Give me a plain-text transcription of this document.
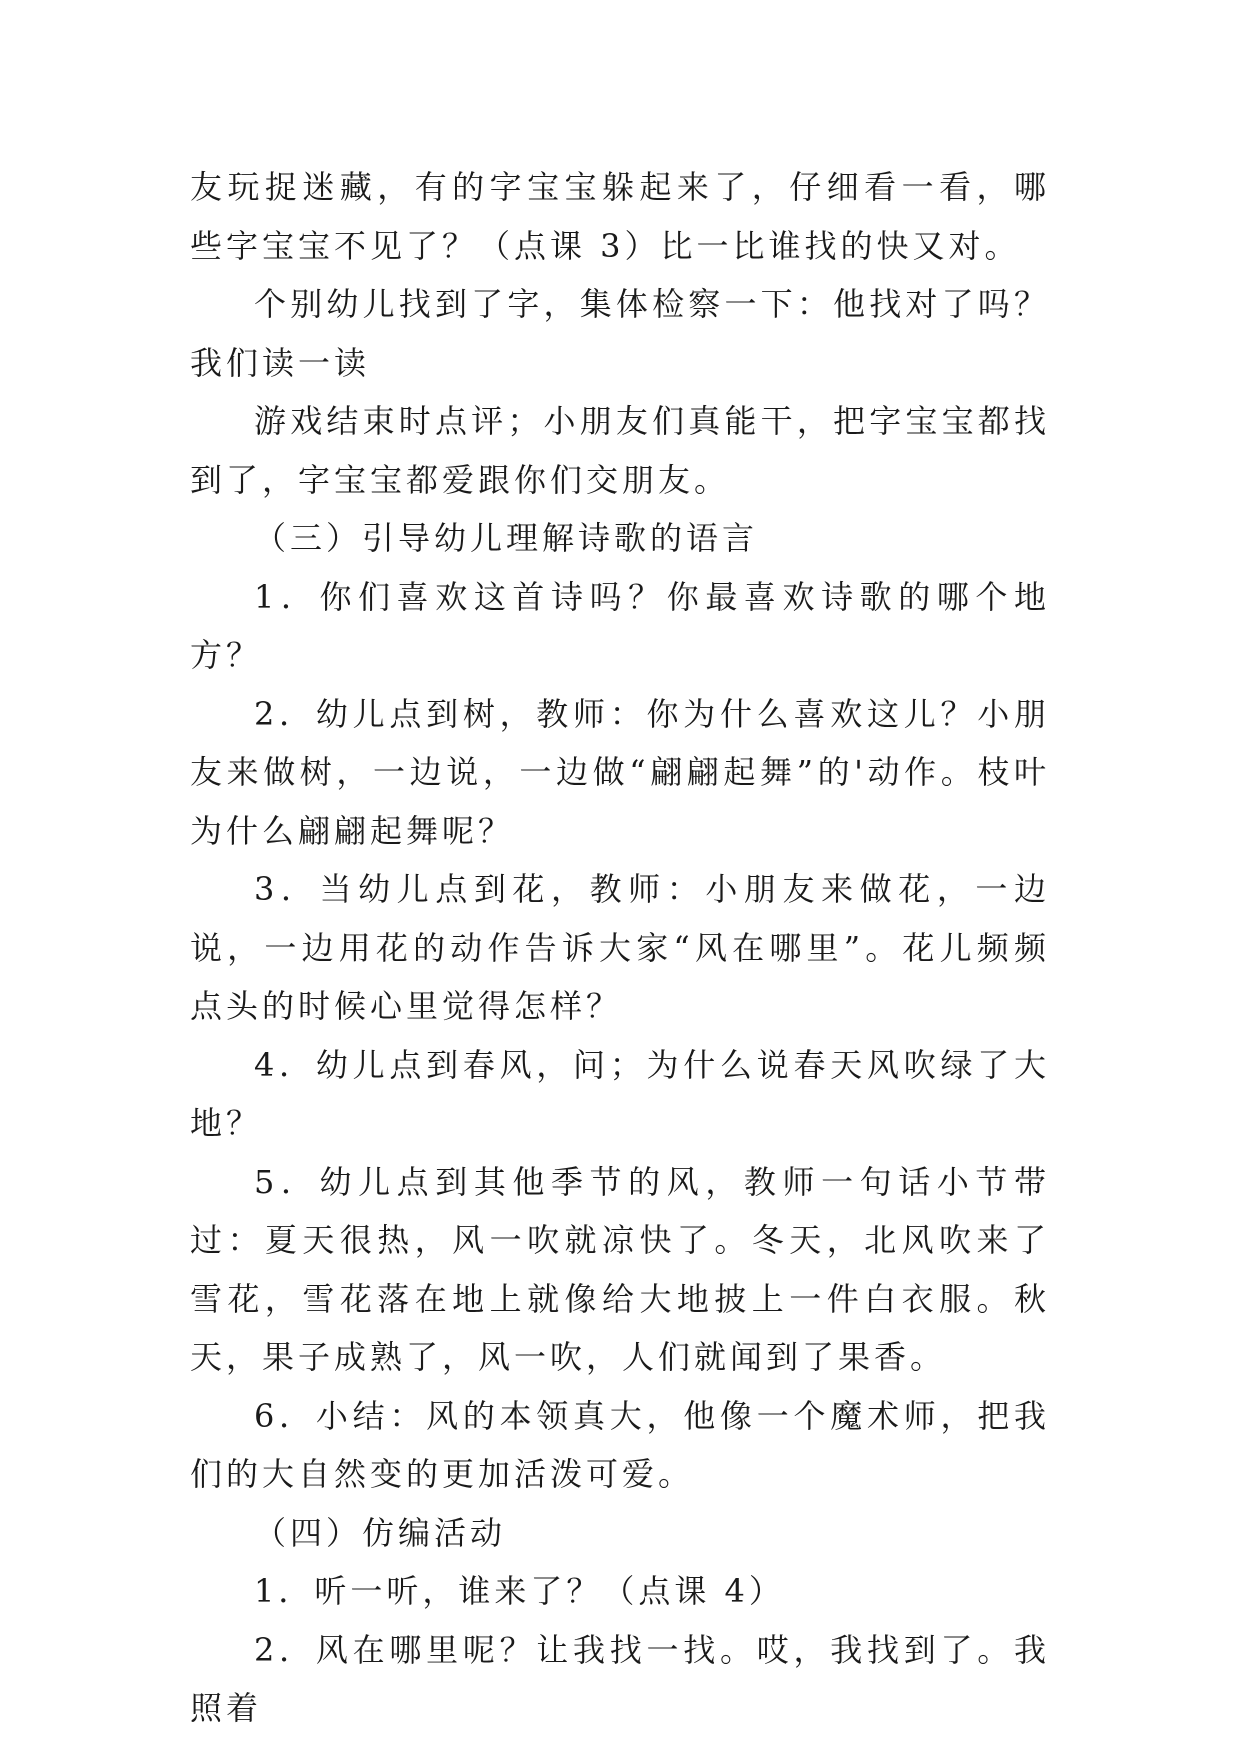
友玩捉迷藏，有的字宝宝躲起来了，仔细看一看，哪些字宝宝不见了？（点课 3）比一比谁找的快又对。

个别幼儿找到了字，集体检察一下：他找对了吗？我们读一读

游戏结束时点评；小朋友们真能干，把字宝宝都找到了，字宝宝都爱跟你们交朋友。

（三）引导幼儿理解诗歌的语言

1．你们喜欢这首诗吗？你最喜欢诗歌的哪个地方？

2．幼儿点到树，教师：你为什么喜欢这儿？小朋友来做树，一边说，一边做“翩翩起舞”的'动作。枝叶为什么翩翩起舞呢？

3．当幼儿点到花，教师：小朋友来做花，一边说，一边用花的动作告诉大家“风在哪里”。花儿频频点头的时候心里觉得怎样？

4．幼儿点到春风，问；为什么说春天风吹绿了大地？

5．幼儿点到其他季节的风，教师一句话小节带过：夏天很热，风一吹就凉快了。冬天，北风吹来了雪花，雪花落在地上就像给大地披上一件白衣服。秋天，果子成熟了，风一吹，人们就闻到了果香。

6．小结：风的本领真大，他像一个魔术师，把我们的大自然变的更加活泼可爱。

（四）仿编活动

1．听一听，谁来了？（点课 4）

2．风在哪里呢？让我找一找。哎，我找到了。我照着
